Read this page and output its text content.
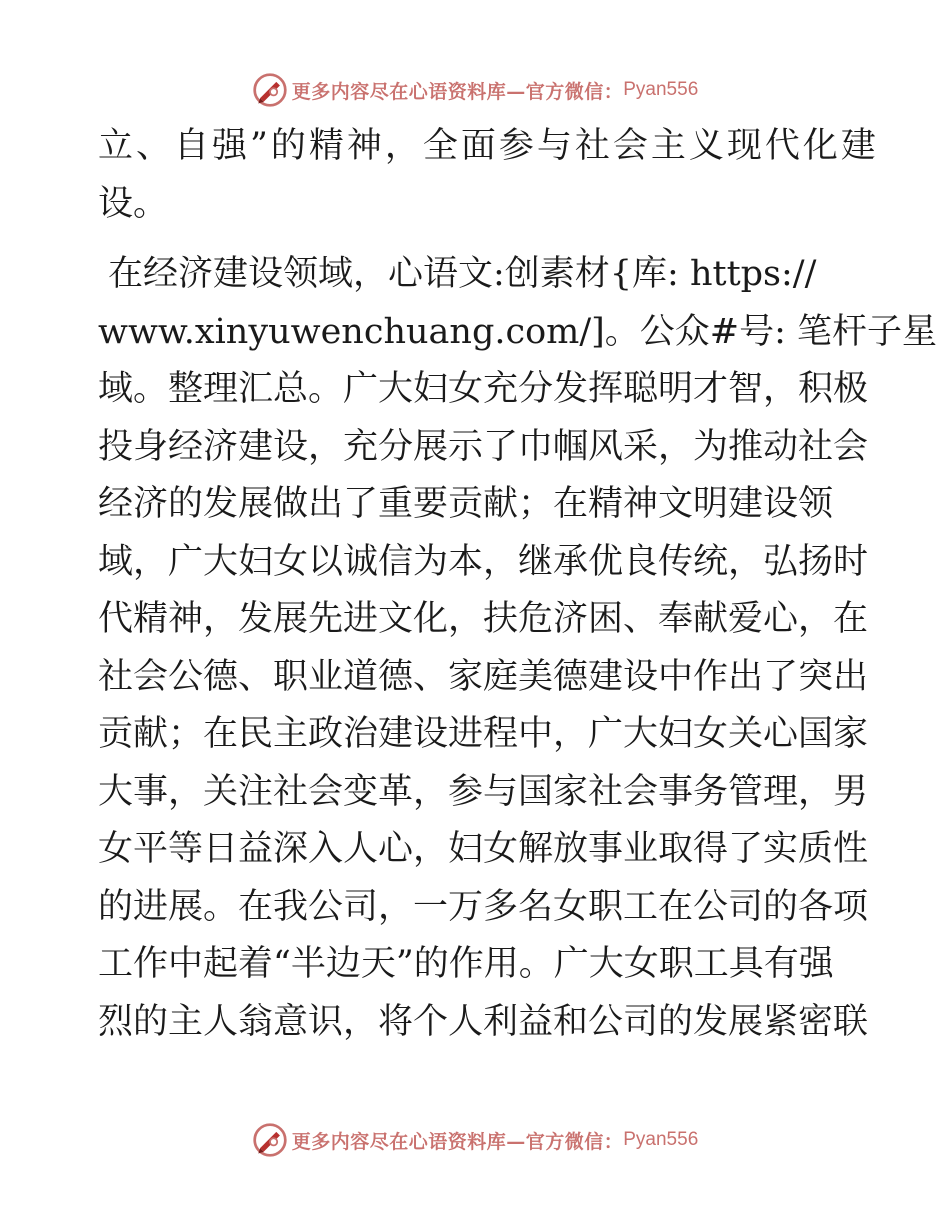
更多内容尽在心语资料库—官方微信： Pyan556
立、自强”的精神，全面参与社会主义现代化建
设。
在经济建设领域，心语文:创素材{库: https://
www.xinyuwenchuang.com/]。公众#号: 笔杆子星
域。整理汇总。广大妇女充分发挥聪明才智，积极
投身经济建设，充分展示了巾帼风采，为推动社会
经济的发展做出了重要贡献；在精神文明建设领
域，广大妇女以诚信为本，继承优良传统，弘扬时
代精神，发展先进文化，扶危济困、奉献爱心，在
社会公德、职业道德、家庭美德建设中作出了突出
贡献；在民主政治建设进程中，广大妇女关心国家
大事，关注社会变革，参与国家社会事务管理，男
女平等日益深入人心，妇女解放事业取得了实质性
的进展。在我公司，一万多名女职工在公司的各项
工作中起着“半边天”的作用。广大女职工具有强
烈的主人翁意识，将个人利益和公司的发展紧密联
更多内容尽在心语资料库—官方微信： Pyan556
